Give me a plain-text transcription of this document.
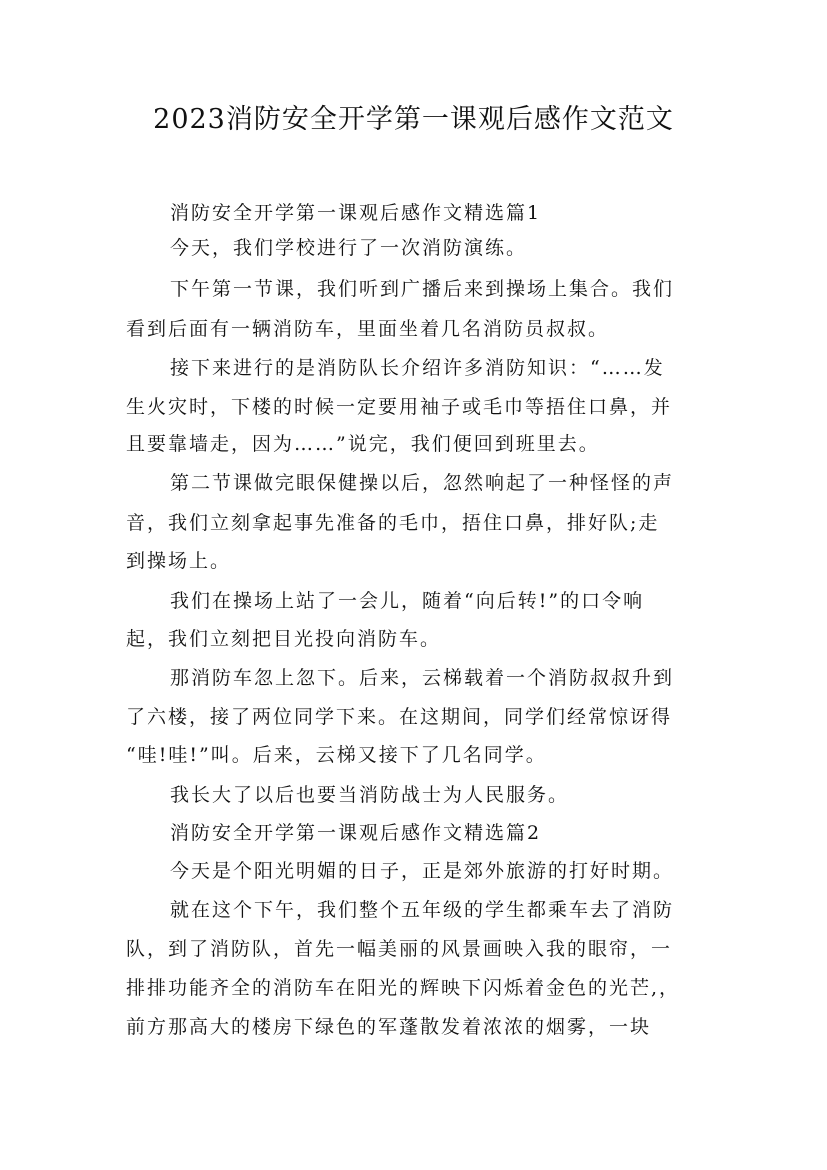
2023消防安全开学第一课观后感作文范文
消防安全开学第一课观后感作文精选篇1
今天，我们学校进行了一次消防演练。
下午第一节课，我们听到广播后来到操场上集合。我们
看到后面有一辆消防车，里面坐着几名消防员叔叔。
接下来进行的是消防队长介绍许多消防知识：“……发
生火灾时，下楼的时候一定要用袖子或毛巾等捂住口鼻，并
且要靠墙走，因为……”说完，我们便回到班里去。
第二节课做完眼保健操以后，忽然响起了一种怪怪的声
音，我们立刻拿起事先准备的毛巾，捂住口鼻，排好队;走
到操场上。
我们在操场上站了一会儿，随着“向后转!”的口令响
起，我们立刻把目光投向消防车。
那消防车忽上忽下。后来，云梯载着一个消防叔叔升到
了六楼，接了两位同学下来。在这期间，同学们经常惊讶得
“哇!哇!”叫。后来，云梯又接下了几名同学。
我长大了以后也要当消防战士为人民服务。
消防安全开学第一课观后感作文精选篇2
今天是个阳光明媚的日子，正是郊外旅游的打好时期。
就在这个下午，我们整个五年级的学生都乘车去了消防
队，到了消防队，首先一幅美丽的风景画映入我的眼帘，一
排排功能齐全的消防车在阳光的辉映下闪烁着金色的光芒,，
前方那高大的楼房下绿色的军蓬散发着浓浓的烟雾，一块
